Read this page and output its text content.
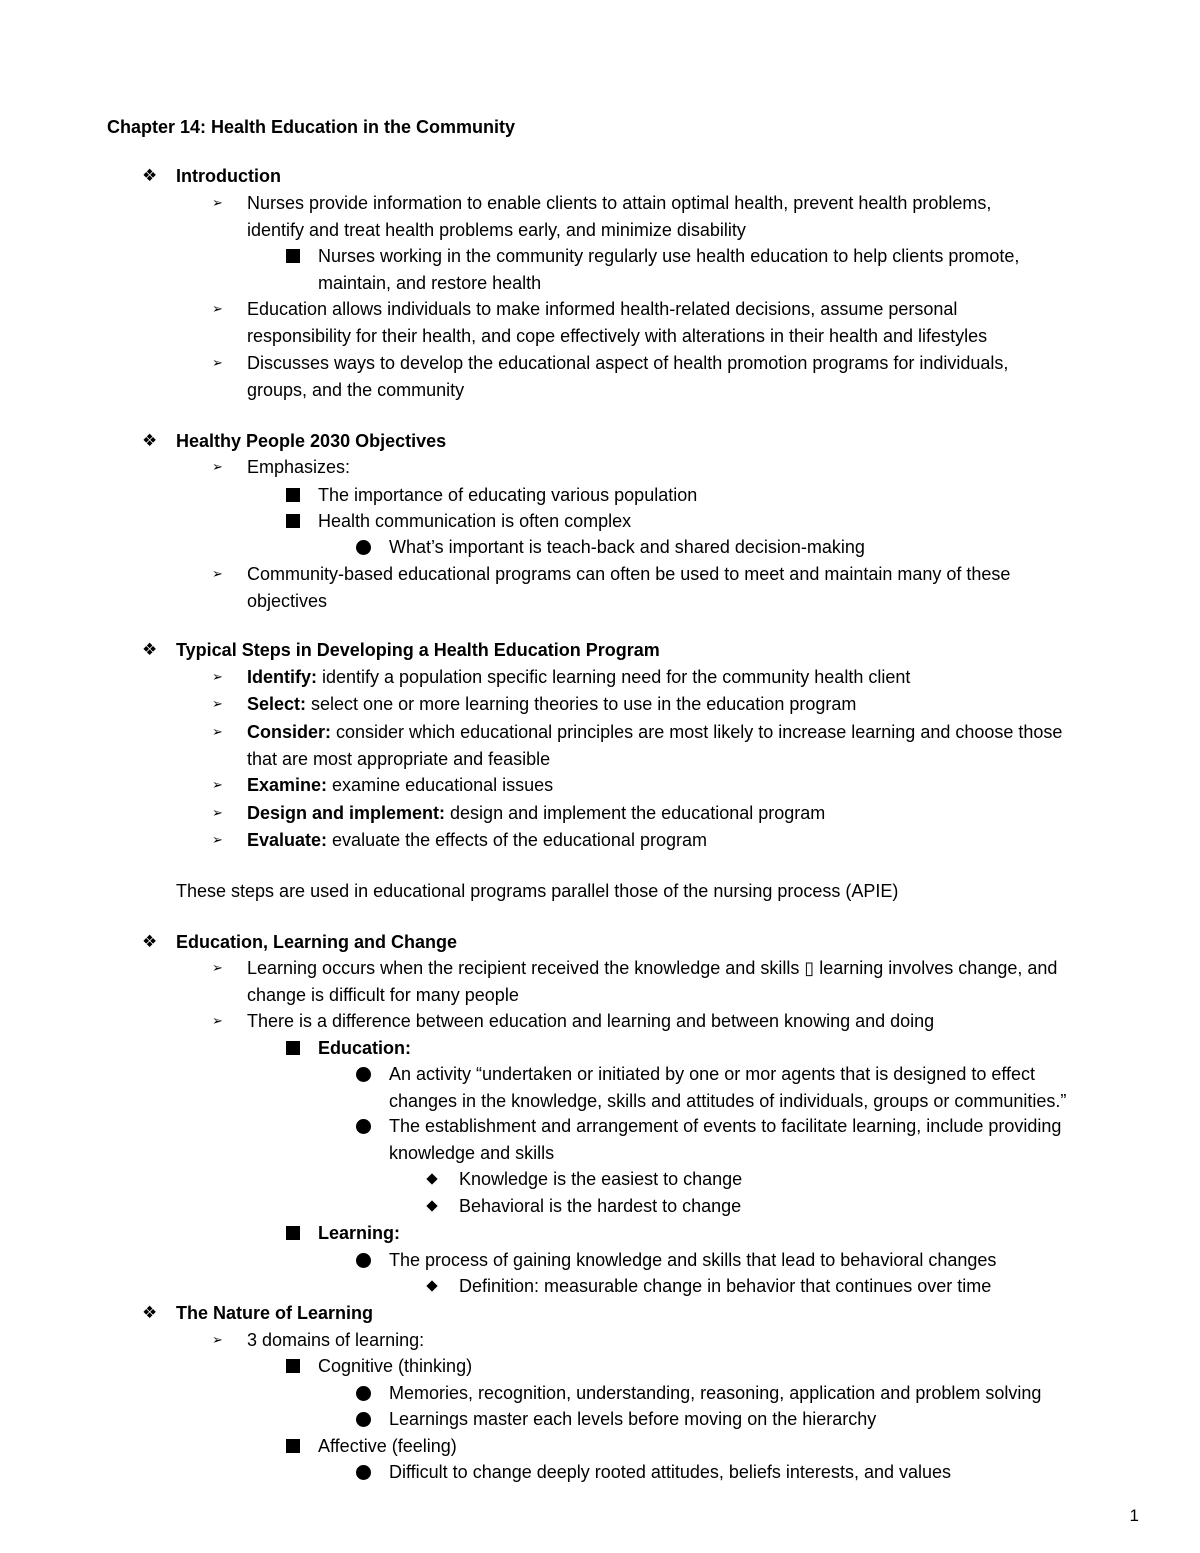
Chapter 14: Health Education in the Community
❖ Introduction
➢ Nurses provide information to enable clients to attain optimal health, prevent health problems,
identify and treat health problems early, and minimize disability
Nurses working in the community regularly use health education to help clients promote,
maintain, and restore health
➢ Education allows individuals to make informed health-related decisions, assume personal
responsibility for their health, and cope effectively with alterations in their health and lifestyles
➢ Discusses ways to develop the educational aspect of health promotion programs for individuals,
groups, and the community
❖ Healthy People 2030 Objectives
➢ Emphasizes:
The importance of educating various population
Health communication is often complex
What’s important is teach-back and shared decision-making
➢ Community-based educational programs can often be used to meet and maintain many of these
objectives
❖ Typical Steps in Developing a Health Education Program
➢ Identify: identify a population specific learning need for the community health client
➢ Select: select one or more learning theories to use in the education program
➢ Consider: consider which educational principles are most likely to increase learning and choose those
that are most appropriate and feasible
➢ Examine: examine educational issues
➢ Design and implement: design and implement the educational program
➢ Evaluate: evaluate the effects of the educational program
These steps are used in educational programs parallel those of the nursing process (APIE)
❖ Education, Learning and Change
➢ Learning occurs when the recipient received the knowledge and skills ▯ learning involves change, and
change is difficult for many people
➢ There is a difference between education and learning and between knowing and doing
Education:
An activity “undertaken or initiated by one or mor agents that is designed to effect
changes in the knowledge, skills and attitudes of individuals, groups or communities.”
The establishment and arrangement of events to facilitate learning, include providing
knowledge and skills
Knowledge is the easiest to change
Behavioral is the hardest to change
Learning:
The process of gaining knowledge and skills that lead to behavioral changes
Definition: measurable change in behavior that continues over time
❖ The Nature of Learning
➢ 3 domains of learning:
Cognitive (thinking)
Memories, recognition, understanding, reasoning, application and problem solving
Learnings master each levels before moving on the hierarchy
Affective (feeling)
Difficult to change deeply rooted attitudes, beliefs interests, and values
1
